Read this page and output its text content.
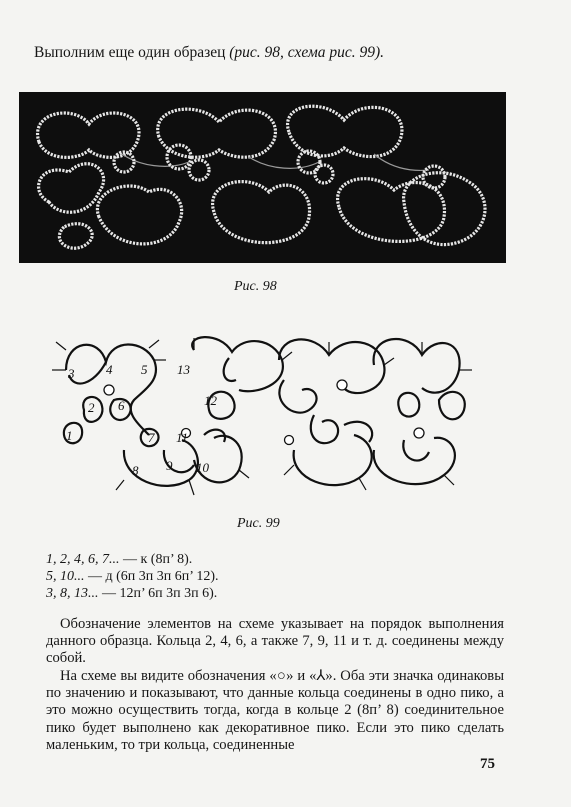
Выполним еще один образец (рис. 98, схема рис. 99).
Рис. 98
3 4 5 13
2 6	12
1	7 11
8 9 10
Рис. 99
1, 2, 4, 6, 7... — к (8п’ 8).
5, 10... — д (6п 3п 3п 6п’ 12).
3, 8, 13... — 12п’ 6п 3п 3п 6).
Обозначение элементов на схеме указывает на порядок выполнения данного образца. Кольца 2, 4, 6, а также 7, 9, 11 и т. д. соединены между собой.
На схеме вы видите обозначения «○» и «⅄». Оба эти значка одинаковы по значению и показывают, что данные кольца соединены в одно пико, а это можно осуществить тогда, когда в кольце 2 (8п’ 8) соединительное пико будет выполнено как декоративное пико. Если это пико сделать маленьким, то три кольца, соединенные
75
